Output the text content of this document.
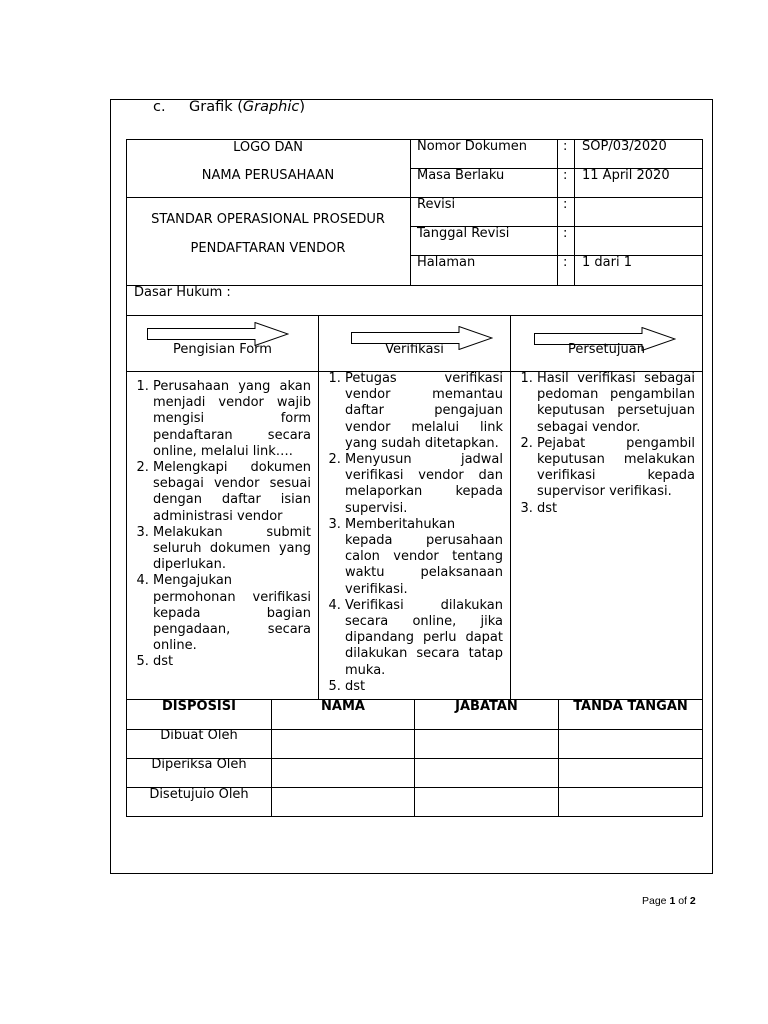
c. Grafik (Graphic)
LOGO DAN
NAMA PERUSAHAAN
STANDAR OPERASIONAL PROSEDUR
PENDAFTARAN VENDOR
Nomor Dokumen	: SOP/03/2020
Masa Berlaku	: 11 April 2020
Revisi	:
Tanggal Revisi	:
Halaman	: 1 dari 1
Dasar Hukum :
Pengisian Form	Verifikasi	Persetujuan
1. Perusahaan yang akan menjadi vendor wajib mengisi form pendaftaran secara online, melalui link….
2. Melengkapi dokumen sebagai vendor sesuai dengan daftar isian administrasi vendor
3. Melakukan submit seluruh dokumen yang diperlukan.
4. Mengajukan permohonan verifikasi kepada bagian pengadaan, secara online.
5. dst
1. Petugas verifikasi vendor memantau daftar pengajuan vendor melalui link yang sudah ditetapkan.
2. Menyusun jadwal verifikasi vendor dan melaporkan kepada supervisi.
3. Memberitahukan kepada perusahaan calon vendor tentang waktu pelaksanaan verifikasi.
4. Verifikasi dilakukan secara online, jika dipandang perlu dapat dilakukan secara tatap muka.
5. dst
1. Hasil verifikasi sebagai pedoman pengambilan keputusan persetujuan sebagai vendor.
2. Pejabat pengambil keputusan melakukan verifikasi kepada supervisor verifikasi.
3. dst
DISPOSISI	NAMA	JABATAN	TANDA TANGAN
Dibuat Oleh
Diperiksa Oleh
Disetujuio Oleh
Page 1 of 2
